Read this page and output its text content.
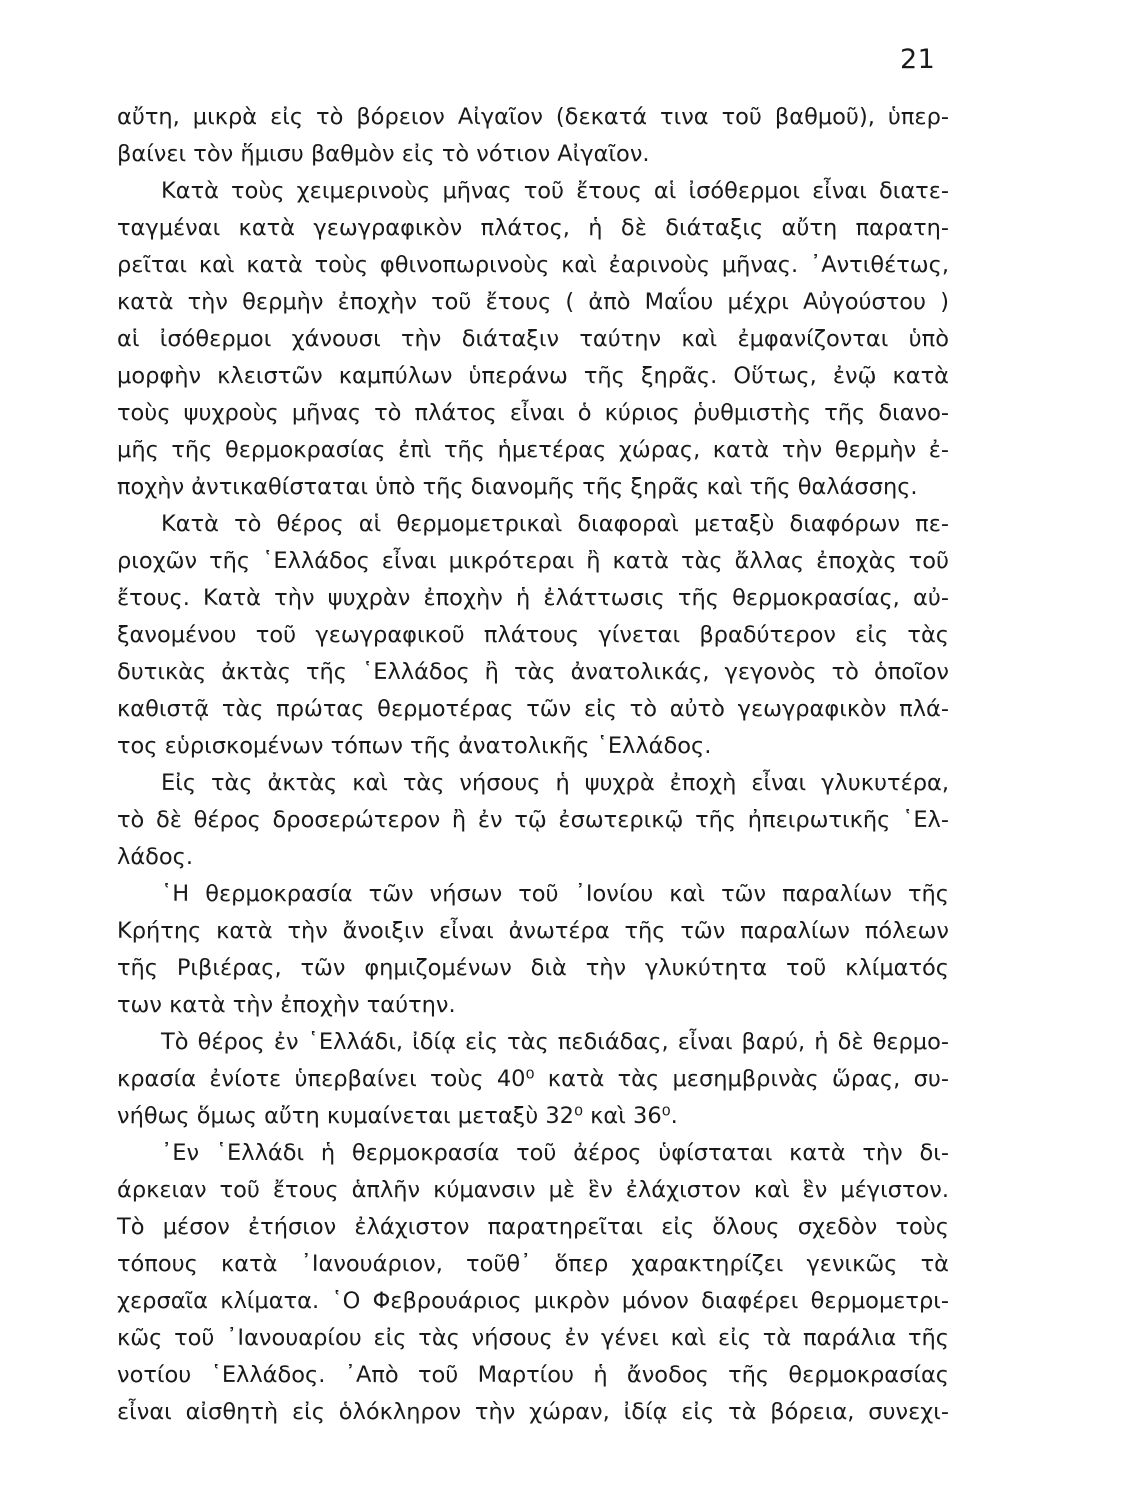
21
αὔτη, μικρὰ εἰς τὸ βόρειον Αἰγαῖον (δεκατά τινα τοῦ βαθμοῦ), ὑπερ-
βαίνει τὸν ἥμισυ βαθμὸν εἰς τὸ νότιον Αἰγαῖον.
Κατὰ τοὺς χειμερινοὺς μῆνας τοῦ ἔτους αἱ ἰσόθερμοι εἶναι διατε-
ταγμέναι κατὰ γεωγραφικὸν πλάτος, ἡ δὲ διάταξις αὔτη παρατη-
ρεῖται καὶ κατὰ τοὺς φθινοπωρινοὺς καὶ ἐαρινοὺς μῆνας. ᾿Αντιθέτως,
κατὰ τὴν θερμὴν ἐποχὴν τοῦ ἔτους ( ἀπὸ Μαΐου μέχρι Αὐγούστου )
αἱ ἰσόθερμοι χάνουσι τὴν διάταξιν ταύτην καὶ ἐμφανίζονται ὑπὸ
μορφὴν κλειστῶν καμπύλων ὑπεράνω τῆς ξηρᾶς. Οὕτως, ἐνῷ κατὰ
τοὺς ψυχροὺς μῆνας τὸ πλάτος εἶναι ὁ κύριος ῥυθμιστὴς τῆς διανο-
μῆς τῆς θερμοκρασίας ἐπὶ τῆς ἡμετέρας χώρας, κατὰ τὴν θερμὴν ἐ-
ποχὴν ἀντικαθίσταται ὑπὸ τῆς διανομῆς τῆς ξηρᾶς καὶ τῆς θαλάσσης.
Κατὰ τὸ θέρος αἱ θερμομετρικαὶ διαφοραὶ μεταξὺ διαφόρων πε-
ριοχῶν τῆς ῾Ελλάδος εἶναι μικρότεραι ἢ κατὰ τὰς ἄλλας ἐποχὰς τοῦ
ἔτους. Κατὰ τὴν ψυχρὰν ἐποχὴν ἡ ἐλάττωσις τῆς θερμοκρασίας, αὐ-
ξανομένου τοῦ γεωγραφικοῦ πλάτους γίνεται βραδύτερον εἰς τὰς
δυτικὰς ἀκτὰς τῆς ῾Ελλάδος ἢ τὰς ἀνατολικάς, γεγονὸς τὸ ὁποῖον
καθιστᾷ τὰς πρώτας θερμοτέρας τῶν εἰς τὸ αὐτὸ γεωγραφικὸν πλά-
τος εὑρισκομένων τόπων τῆς ἀνατολικῆς ῾Ελλάδος.
Εἰς τὰς ἀκτὰς καὶ τὰς νήσους ἡ ψυχρὰ ἐποχὴ εἶναι γλυκυτέρα,
τὸ δὲ θέρος δροσερώτερον ἢ ἐν τῷ ἐσωτερικῷ τῆς ἠπειρωτικῆς ῾Ελ-
λάδος.
῾Η θερμοκρασία τῶν νήσων τοῦ ᾿Ιονίου καὶ τῶν παραλίων τῆς
Κρήτης κατὰ τὴν ἄνοιξιν εἶναι ἀνωτέρα τῆς τῶν παραλίων πόλεων
τῆς Ριβιέρας, τῶν φημιζομένων διὰ τὴν γλυκύτητα τοῦ κλίματός
των κατὰ τὴν ἐποχὴν ταύτην.
Τὸ θέρος ἐν ῾Ελλάδι, ἰδίᾳ εἰς τὰς πεδιάδας, εἶναι βαρύ, ἡ δὲ θερμο-
κρασία ἐνίοτε ὑπερβαίνει τοὺς 40⁰ κατὰ τὰς μεσημβρινὰς ὥρας, συ-
νήθως ὅμως αὔτη κυμαίνεται μεταξὺ 32⁰ καὶ 36⁰.
᾿Εν ῾Ελλάδι ἡ θερμοκρασία τοῦ ἀέρος ὑφίσταται κατὰ τὴν δι-
άρκειαν τοῦ ἔτους ἁπλῆν κύμανσιν μὲ ἓν ἐλάχιστον καὶ ἓν μέγιστον.
Τὸ μέσον ἐτήσιον ἐλάχιστον παρατηρεῖται εἰς ὅλους σχεδὸν τοὺς
τόπους κατὰ ᾿Ιανουάριον, τοῦθ᾿ ὅπερ χαρακτηρίζει γενικῶς τὰ
χερσαῖα κλίματα. ῾Ο Φεβρουάριος μικρὸν μόνον διαφέρει θερμομετρι-
κῶς τοῦ ᾿Ιανουαρίου εἰς τὰς νήσους ἐν γένει καὶ εἰς τὰ παράλια τῆς
νοτίου ῾Ελλάδος. ᾿Απὸ τοῦ Μαρτίου ἡ ἄνοδος τῆς θερμοκρασίας
εἶναι αἰσθητὴ εἰς ὁλόκληρον τὴν χώραν, ἰδίᾳ εἰς τὰ βόρεια, συνεχι-
